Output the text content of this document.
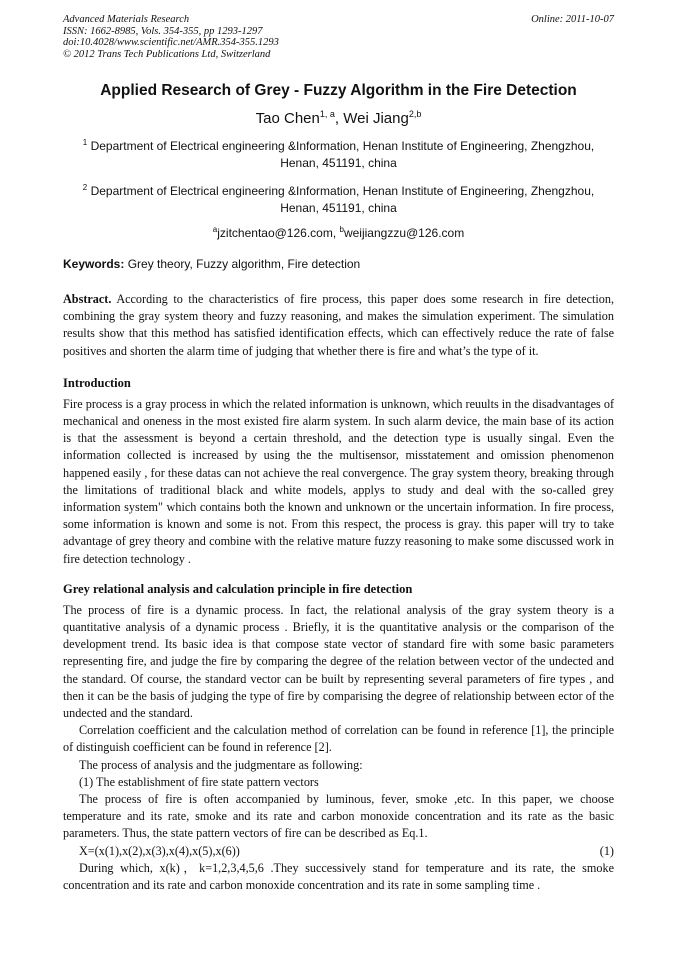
Advanced Materials Research
ISSN: 1662-8985, Vols. 354-355, pp 1293-1297
doi:10.4028/www.scientific.net/AMR.354-355.1293
© 2012 Trans Tech Publications Ltd, Switzerland
Online: 2011-10-07
Applied Research of Grey - Fuzzy Algorithm in the Fire Detection
Tao Chen$^{1, a}$, Wei Jiang$^{2,b}$
$^1$ Department of Electrical engineering &Information, Henan Institute of Engineering, Zhengzhou, Henan, 451191, china
$^2$ Department of Electrical engineering &Information, Henan Institute of Engineering, Zhengzhou, Henan, 451191, china
$^a$jzitchentao@126.com, $^b$weijiangzzu@126.com
Keywords: Grey theory, Fuzzy algorithm, Fire detection

Abstract. According to the characteristics of fire process, this paper does some research in fire detection, combining the gray system theory and fuzzy reasoning, and makes the simulation experiment. The simulation results show that this method has satisfied identification effects, which can effectively reduce the rate of false positives and shorten the alarm time of judging that whether there is fire and what’s the type of it.

Introduction

Fire process is a gray process in which the related information is unknown, which reuults in the disadvantages of mechanical and oneness in the most existed fire alarm system. In such alarm device, the main base of its action is that the assessment is beyond a certain threshold, and the detection type is usually singal. Even the information collected is increased by using the the multisensor, misstatement and omission phenomenon happened easily , for these datas can not achieve the real convergence. The gray system theory, breaking through the limitations of traditional black and white models, applys to study and deal with the so-called grey information system" which contains both the known and unknown or the uncertain information. In fire process, some information is known and some is not. From this respect, the process is gray. this paper will try to take advantage of grey theory and combine with the relative mature fuzzy reasoning to make some discussed work in fire detection technology .

Grey relational analysis and calculation principle in fire detection

The process of fire is a dynamic process. In fact, the relational analysis of the gray system theory is a quantitative analysis of a dynamic process . Briefly, it is the quantitative analysis or the comparison of the development trend. Its basic idea is that compose state vector of standard fire with some basic parameters representing fire, and judge the fire by comparing the degree of the relation between vector of the undected and the standard. Of course, the standard vector can be built by representing several parameters of fire types , and then it can be the basis of judging the type of fire by comparising the degree of relationship between ector of the undected and the standard.

Correlation coefficient and the calculation method of correlation can be found in reference [1], the principle of distinguish coefficient can be found in reference [2].

The process of analysis and the judgmentare as following:

(1) The establishment of fire state pattern vectors

The process of fire is often accompanied by luminous, fever, smoke ,etc. In this paper, we choose temperature and its rate, smoke and its rate and carbon monoxide concentration and its rate as the basic parameters. Thus, the state pattern vectors of fire can be described as Eq.1.

X=(x(1),x(2),x(3),x(4),x(5),x(6))	(1)

During which, x(k)，k=1,2,3,4,5,6 .They successively stand for temperature and its rate, the smoke concentration and its rate and carbon monoxide concentration and its rate in some sampling time .
